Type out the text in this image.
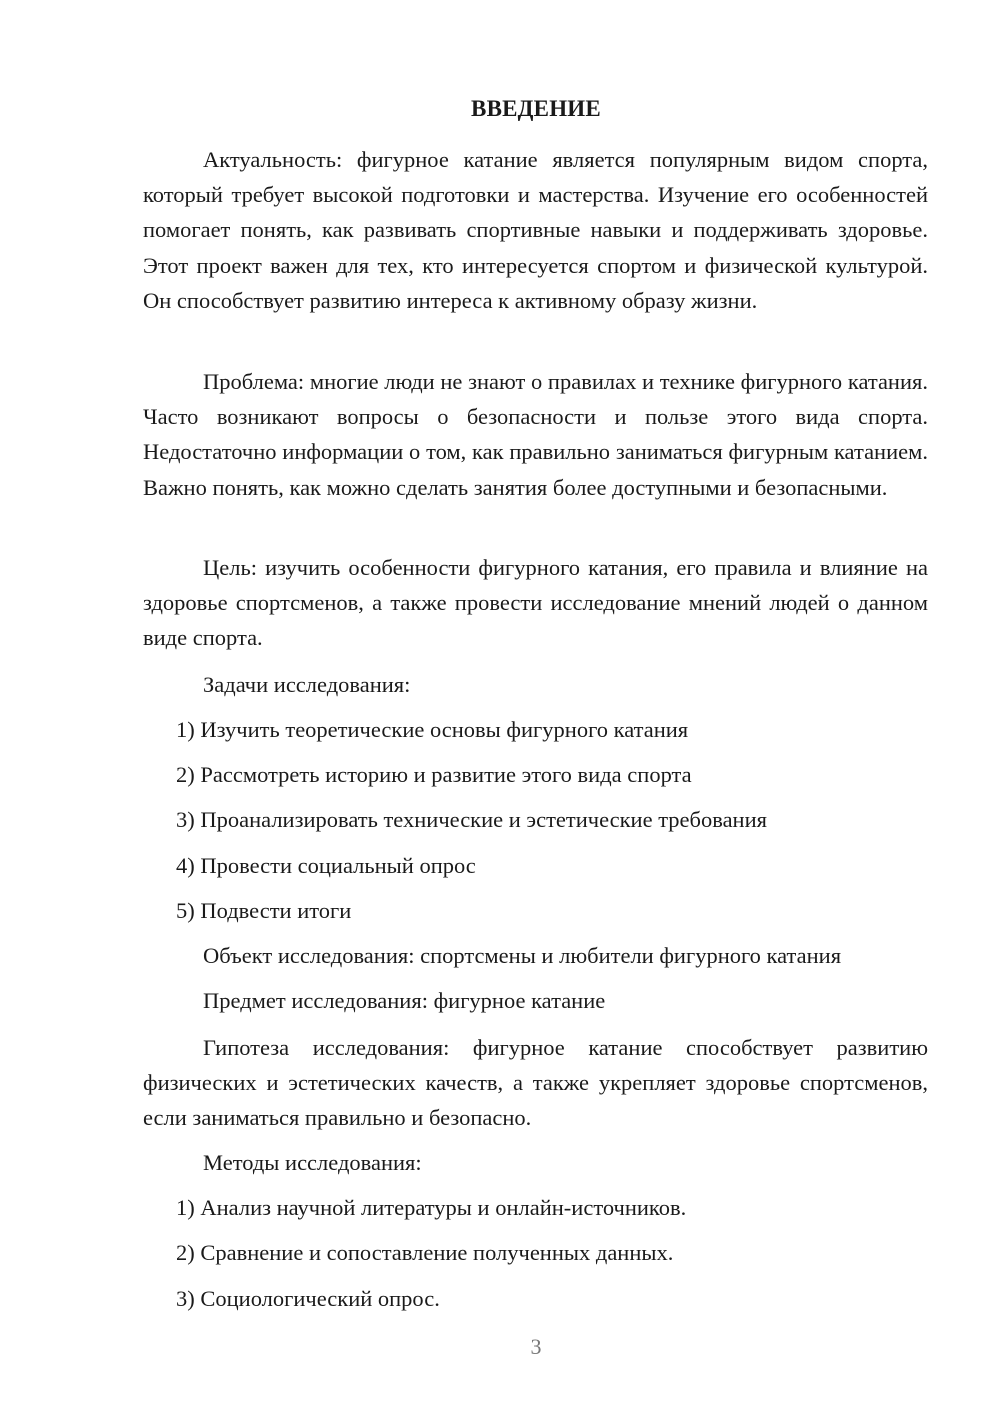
ВВЕДЕНИЕ

Актуальность: фигурное катание является популярным видом спорта, который требует высокой подготовки и мастерства. Изучение его особенностей помогает понять, как развивать спортивные навыки и поддерживать здоровье. Этот проект важен для тех, кто интересуется спортом и физической культурой. Он способствует развитию интереса к активному образу жизни.

Проблема: многие люди не знают о правилах и технике фигурного катания. Часто возникают вопросы о безопасности и пользе этого вида спорта. Недостаточно информации о том, как правильно заниматься фигурным катанием. Важно понять, как можно сделать занятия более доступными и безопасными.

Цель: изучить особенности фигурного катания, его правила и влияние на здоровье спортсменов, а также провести исследование мнений людей о данном виде спорта.

Задачи исследования:

1) Изучить теоретические основы фигурного катания

2) Рассмотреть историю и развитие этого вида спорта

3) Проанализировать технические и эстетические требования

4) Провести социальный опрос

5) Подвести итоги

Объект исследования: спортсмены и любители фигурного катания

Предмет исследования: фигурное катание

Гипотеза исследования: фигурное катание способствует развитию физических и эстетических качеств, а также укрепляет здоровье спортсменов, если заниматься правильно и безопасно.

Методы исследования:

1) Анализ научной литературы и онлайн-источников.

2) Сравнение и сопоставление полученных данных.

3) Социологический опрос.

3
